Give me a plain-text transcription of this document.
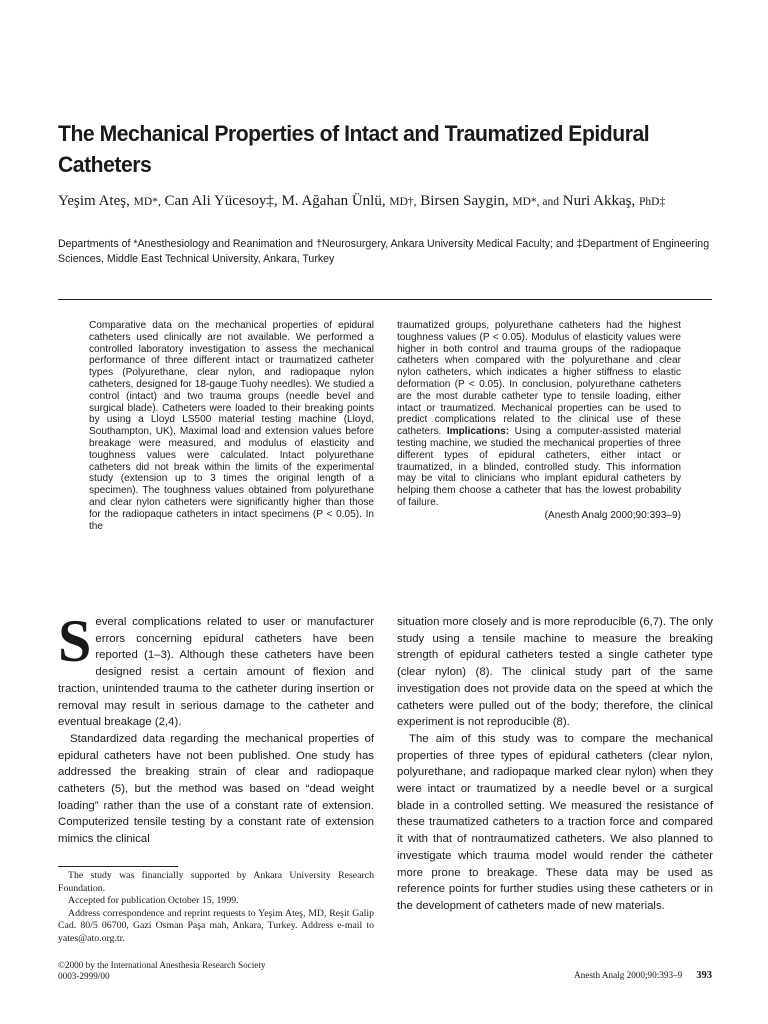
The Mechanical Properties of Intact and Traumatized Epidural Catheters
Yeşim Ateş, MD*, Can Ali Yücesoy‡, M. Ağahan Ünlü, MD†, Birsen Saygin, MD*, and Nuri Akkaş, PhD‡
Departments of *Anesthesiology and Reanimation and †Neurosurgery, Ankara University Medical Faculty; and ‡Department of Engineering Sciences, Middle East Technical University, Ankara, Turkey
Comparative data on the mechanical properties of epidural catheters used clinically are not available. We performed a controlled laboratory investigation to assess the mechanical performance of three different intact or traumatized catheter types (Polyurethane, clear nylon, and radiopaque nylon catheters, designed for 18-gauge Tuohy needles). We studied a control (intact) and two trauma groups (needle bevel and surgical blade). Catheters were loaded to their breaking points by using a Lloyd LS500 material testing machine (Lloyd, Southampton, UK). Maximal load and extension values before breakage were measured, and modulus of elasticity and toughness values were calculated. Intact polyurethane catheters did not break within the limits of the experimental study (extension up to 3 times the original length of a specimen). The toughness values obtained from polyurethane and clear nylon catheters were significantly higher than those for the radiopaque catheters in intact specimens (P < 0.05). In the
traumatized groups, polyurethane catheters had the highest toughness values (P < 0.05). Modulus of elasticity values were higher in both control and trauma groups of the radiopaque catheters when compared with the polyurethane and clear nylon catheters, which indicates a higher stiffness to elastic deformation (P < 0.05). In conclusion, polyurethane catheters are the most durable catheter type to tensile loading, either intact or traumatized. Mechanical properties can be used to predict complications related to the clinical use of these catheters. Implications: Using a computer-assisted material testing machine, we studied the mechanical properties of three different types of epidural catheters, either intact or traumatized, in a blinded, controlled study. This information may be vital to clinicians who implant epidural catheters by helping them choose a catheter that has the lowest probability of failure.
(Anesth Analg 2000;90:393–9)

Several complications related to user or manufacturer errors concerning epidural catheters have been reported (1–3). Although these catheters have been designed resist a certain amount of flexion and traction, unintended trauma to the catheter during insertion or removal may result in serious damage to the catheter and eventual breakage (2,4).

Standardized data regarding the mechanical properties of epidural catheters have not been published. One study has addressed the breaking strain of clear and radiopaque catheters (5), but the method was based on “dead weight loading” rather than the use of a constant rate of extension. Computerized tensile testing by a constant rate of extension mimics the clinical

situation more closely and is more reproducible (6,7). The only study using a tensile machine to measure the breaking strength of epidural catheters tested a single catheter type (clear nylon) (8). The clinical study part of the same investigation does not provide data on the speed at which the catheters were pulled out of the body; therefore, the clinical experiment is not reproducible (8).

The aim of this study was to compare the mechanical properties of three types of epidural catheters (clear nylon, polyurethane, and radiopaque marked clear nylon) when they were intact or traumatized by a needle bevel or a surgical blade in a controlled setting. We measured the resistance of these traumatized catheters to a traction force and compared it with that of nontraumatized catheters. We also planned to investigate which trauma model would render the catheter more prone to breakage. These data may be used as reference points for further studies using these catheters or in the development of catheters made of new materials.

The study was financially supported by Ankara University Research Foundation.

Accepted for publication October 15, 1999.

Address correspondence and reprint requests to Yeşim Ateş, MD, Reşit Galip Cad. 80/5 06700, Gazi Osman Paşa mah, Ankara, Turkey. Address e-mail to yates@ato.org.tr.

©2000 by the International Anesthesia Research Society
0003-2999/00	Anesth Analg 2000;90:393–9 393
